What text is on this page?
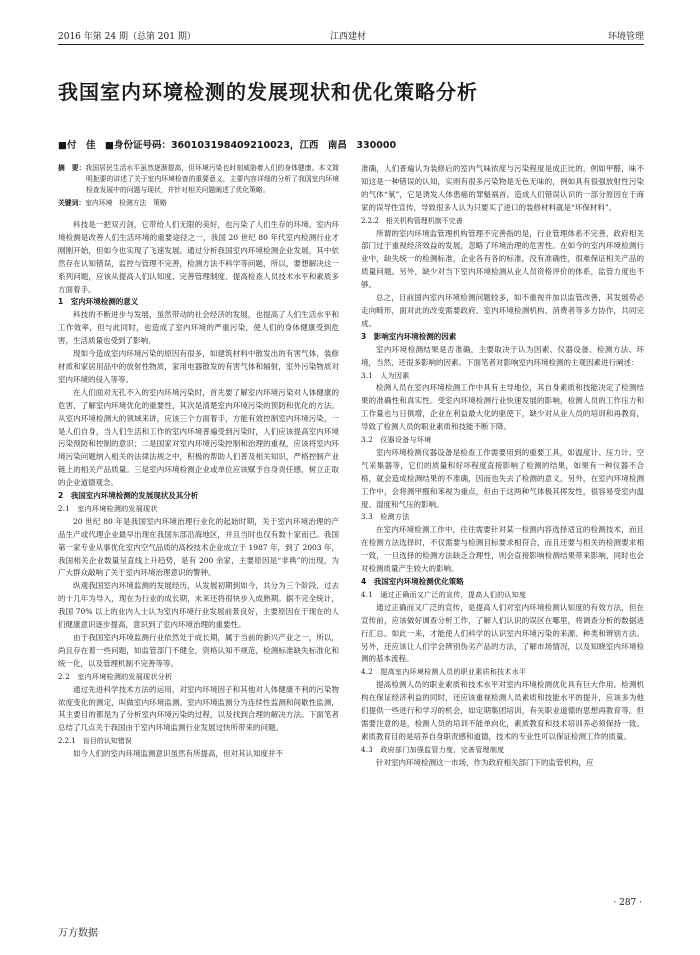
2016 年第 24 期（总第 201 期）	江西建材	环境管理
我国室内环境检测的发展现状和优化策略分析
■付　佳　■身份证号码：360103198409210023，江西　南昌　330000

摘　要：我国居民生活水平虽然逐渐提高，但环境污染也时刻威胁着人们的身体健康。本文简明扼要的讲述了关于室内环境检查的重要意义，主要内容详细的分析了我国室内环境检查发展中的问题与现状，并针对相关问题阐述了优化策略。

关键词：室内环境　检测方法　策略

科技是一把双刃剑，它带给人们无限的美好，也污染了人们生存的环境。室内环境检测是改善人们生活环境的重要途径之一，我国 20 世纪 80 年代室内检测行业才刚刚开始，但如今也实现了飞速发展。通过分析我国室内环境检测企业发展，其中依然存在认知错误，监控与管理不完善，检测方法不科学等问题，所以，要想解决这一系列问题，应该从提高人们认知度、完善管理制度、提高检查人员技术水平和素质多方面着手。

1　室内环境检测的意义

科技的不断进步与发展，虽然带动的社会经济的发展，也提高了人们生活水平和工作效率，但与此同时，也造成了室内环境的严重污染，使人们的身体健康受到危害，生活质量也受到了影响。

现如今造成室内环境污染的原因有很多，如建筑材料中散发出的有害气体，装修材质和家居用品中的放射性物质，家用电器散发的有害气体和辐射，室外污染物质对室内环境的侵入等等。

在人们面对无孔不入的室内环境污染时，首先要了解室内环境污染对人体健康的危害，了解室内环境优化的重要性，其次是清楚室内环境污染的预防和优化的方法。从室内环境检测大的领域来讲，应该三个方面着手，方能有效控制室内环境污染，一是人们自身，当人们生活和工作的室内环境普遍受到污染时，人们应该提高室内环境污染预防和控制的意识；二是国家对室内环境污染控制和治理的重视，应该将室内环境污染问题纳入相关的法律法规之中，积极的帮助人们普及相关知识，严格控制产业链上的相关产品质量。三是室内环境检测企业或单位应该赋予自身责任感，树立正取的企业道德观念。

2　我国室内环境检测的发展现状及其分析
2.1　室内环境检测的发展现状

20 世纪 80 年是我国室内环境治理行业化的起始时期，关于室内环境治理的产品生产或代理企业最早出现在我国东部沿海地区，并且当时也仅有数十家而已。我国第一家专业从事优化室内空气品质的高校技术企业成立于 1987 年，到了 2003 年，我国相关企业数量呈直线上升趋势，是有 200 余家，主要原因是“非典”的出现，为广大群众敲响了关于室内环境治理意识的警钟。

纵观我国室内环境监测的发展经历，从发展初期到如今，共分为三个阶段，过去的十几年为导入，现在为行业的成长期，未来还将很快步入成熟期。据不完全统计，我国 70% 以上的业内人士认为室内环境行业发展前景良好，主要原因在于现在的人们健康意识逐步提高，意识到了室内环境治理的重要性。

由于我国室内环境监测行业依然处于成长期，属于当前的新兴产业之一，所以，尚且存在着一些问题，如监管部门不健全，资格认知不规范，检测标准缺失标准化和统一化，以及管理机制不完善等等。

2.2　室内环境检测的发展现状分析

通过先进科学技术方法的运用，对室内环境因子和其他对人体健康不利的污染物浓度变化的测定，叫做室内环境监测。室内环境监测分为连续性监测和间歇性监测，其主要目的都是为了分析室内环境污染的过程，以及找到合理的解决方法。下面笔者总结了几点关于我国由于室内环境监测行业发展过快所带来的问题。

2.2.1　盲目的认知错误

如今人们的室内环境监测意识虽然有所提高，但对其认知度并不

准确，人们普遍认为装修后的室内气味浓度与污染程度是成正比的，例如甲醛，味不知这是一种错误的认知，实则有很多污染物是无色无味的，例如具有很强放射性污染的气体“氡”，它是诱发人体患癌的罪魁祸首。造成人们错误认识的一部分原因在于商家的误导性宣传，导致很多人认为只要买了进口的装修材料就是“环保材料”。

2.2.2　相关机构管理机制不完善

所谓的室内环境监管理机构管理不完善指的是，行业管理体系不完善，政府相关部门过于重视经济效益的发展，忽略了环境治理的危害性。在如今的室内环境检测行业中，缺失统一的检测标准，企业各有各的标准，没有准确性，很难保证相关产品的质量问题。另外，缺少对当下室内环境检测从业人员资格评价的体系，监管力度也不够。

总之，目前国内室内环境检测问题较多，如不重视并加以监管改善，其发展势必走向畸形，面对此的改变需要政府、室内环境检测机构、消费者等多方协作，共同完成。

3　影响室内环境检测的因素

室内环境检测结果是否准确，主要取决于认为因素、仪器设备、检测方法、环境，当然，还很多影响的因素。下面笔者对影响室内环境检测的主观因素进行阐述：

3.1　人为因素

检测人员在室内环境检测工作中具有主导地位，其自身素质和技能决定了检测结果的准确性和真实性。受室内环境检测行业快速发展的影响，检测人员的工作压力和工作量也与日俱增，企业在利益最大化的驱使下，缺少对从业人员的培训和再教育，导致了检测人员的职业素质和技能不断下降。

3.2　仪器设备与环境

室内环境检测仪器设备是检查工作需要用到的重要工具，如温度计、压力计、空气采集器等，它们的质量和好坏程度直接影响了检测的结果，如果有一种仪器不合格，就会造成检测结果的不准确，因而也失去了检测的意义。另外，在室内环境检测工作中，会将测甲醛和苯视为重点，但由于这两种气体极其挥发性，很容易受室内温度、湿度和气压的影响。

3.3　检测方法

在室内环境检测工作中，往往需要针对某一检测内容选择适宜的检测技术，而且在检测方法选择时，不仅需要与检测目标要求相符合，而且还要与相关的检测要求相一致，一旦选择的检测方法缺乏合理性，则会直接影响检测结果带来影响，同时也会对检测质量产生较大的影响。

4　我国室内环境检测优化策略
4.1　通过正确而又广泛的宣传，提高人们的认知度

通过正确而又广泛的宣传，是提高人们对室内环境检测认知度的有效方法，但在宣传前，应该做好调查分析工作，了解人们认识的误区在哪里，将调查分析的数据进行汇总。如此一来，才能使人们科学的认识室内环境污染的来源、种类和辨别方法。另外，还应该让人们学会辨别伪劣产品的方法，了解市场情况，以及知晓室内环境检测的基本流程。

4.2　提高室内环境检测人员的职业素质和技术水平

提高检测人员的职业素质和技术水平对室内环境检测优化具有巨大作用。检测机构在保证经济利益的同时，还应该重视检测人员素质和技能水平的提升，应该多为他们提供一些进行和学习的机会，如定期集团培训，有关职业道德的思想再教育等。但需要注意的是，检测人员的培训不能单向化，素质教育和技术培训养必须保持一致。素质教育目的是培养自身职责感和道德，技术的专业性可以保证检测工作的质量。

4.3　政府部门加强监管力度，完善管理制度

针对室内环境检测这一市场，作为政府相关部门下的监管机构，应

· 287 ·
万方数据
